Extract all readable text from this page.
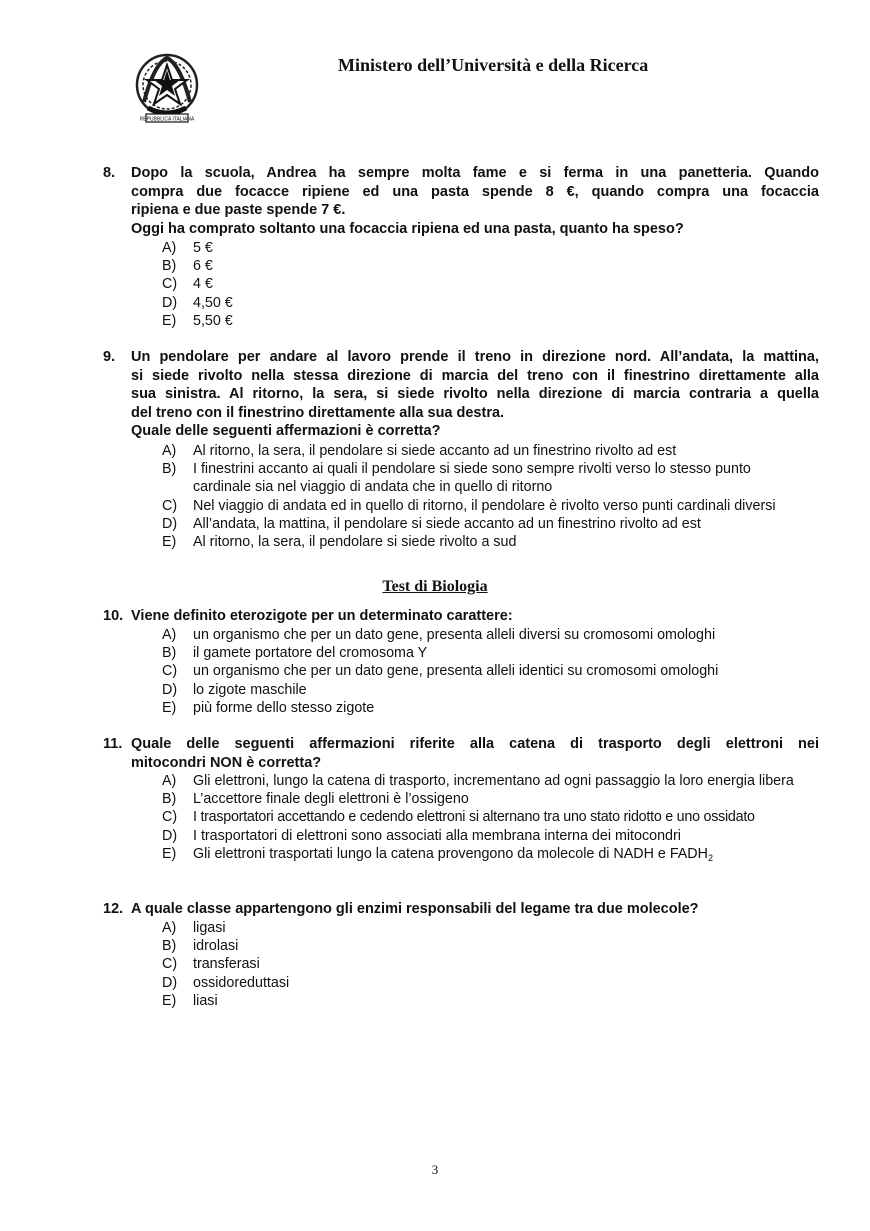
REPUBBLICA ITALIANA
Ministero dell’Università e della Ricerca
8. Dopo la scuola, Andrea ha sempre molta fame e si ferma in una panetteria. Quando
compra due focacce ripiene ed una pasta spende 8 €, quando compra una focaccia
ripiena e due paste spende 7 €.
Oggi ha comprato soltanto una focaccia ripiena ed una pasta, quanto ha speso?
A)	5 €
B)	6 €
C)	4 €
D)	4,50 €
E)	5,50 €
9. Un pendolare per andare al lavoro prende il treno in direzione nord. All’andata, la mattina,
si siede rivolto nella stessa direzione di marcia del treno con il finestrino direttamente alla
sua sinistra. Al ritorno, la sera, si siede rivolto nella direzione di marcia contraria a quella
del treno con il finestrino direttamente alla sua destra.
Quale delle seguenti affermazioni è corretta?
A)	Al ritorno, la sera, il pendolare si siede accanto ad un finestrino rivolto ad est
B)	I finestrini accanto ai quali il pendolare si siede sono sempre rivolti verso lo stesso punto cardinale sia nel viaggio di andata che in quello di ritorno
C)	Nel viaggio di andata ed in quello di ritorno, il pendolare è rivolto verso punti cardinali diversi
D)	All’andata, la mattina, il pendolare si siede accanto ad un finestrino rivolto ad est
E)	Al ritorno, la sera, il pendolare si siede rivolto a sud
Test di Biologia
10. Viene definito eterozigote per un determinato carattere:
A)	un organismo che per un dato gene, presenta alleli diversi su cromosomi omologhi
B)	il gamete portatore del cromosoma Y
C)	un organismo che per un dato gene, presenta alleli identici su cromosomi omologhi
D)	lo zigote maschile
E)	più forme dello stesso zigote
11. Quale delle seguenti affermazioni riferite alla catena di trasporto degli elettroni nei
mitocondri NON è corretta?
A)	Gli elettroni, lungo la catena di trasporto, incrementano ad ogni passaggio la loro energia libera
B)	L’accettore finale degli elettroni è l’ossigeno
C)	I trasportatori accettando e cedendo elettroni si alternano tra uno stato ridotto e uno ossidato
D)	I trasportatori di elettroni sono associati alla membrana interna dei mitocondri
E)	Gli elettroni trasportati lungo la catena provengono da molecole di NADH e $FADH_2$
12. A quale classe appartengono gli enzimi responsabili del legame tra due molecole?
A)	ligasi
B)	idrolasi
C)	transferasi
D)	ossidoreduttasi
E)	liasi
3
